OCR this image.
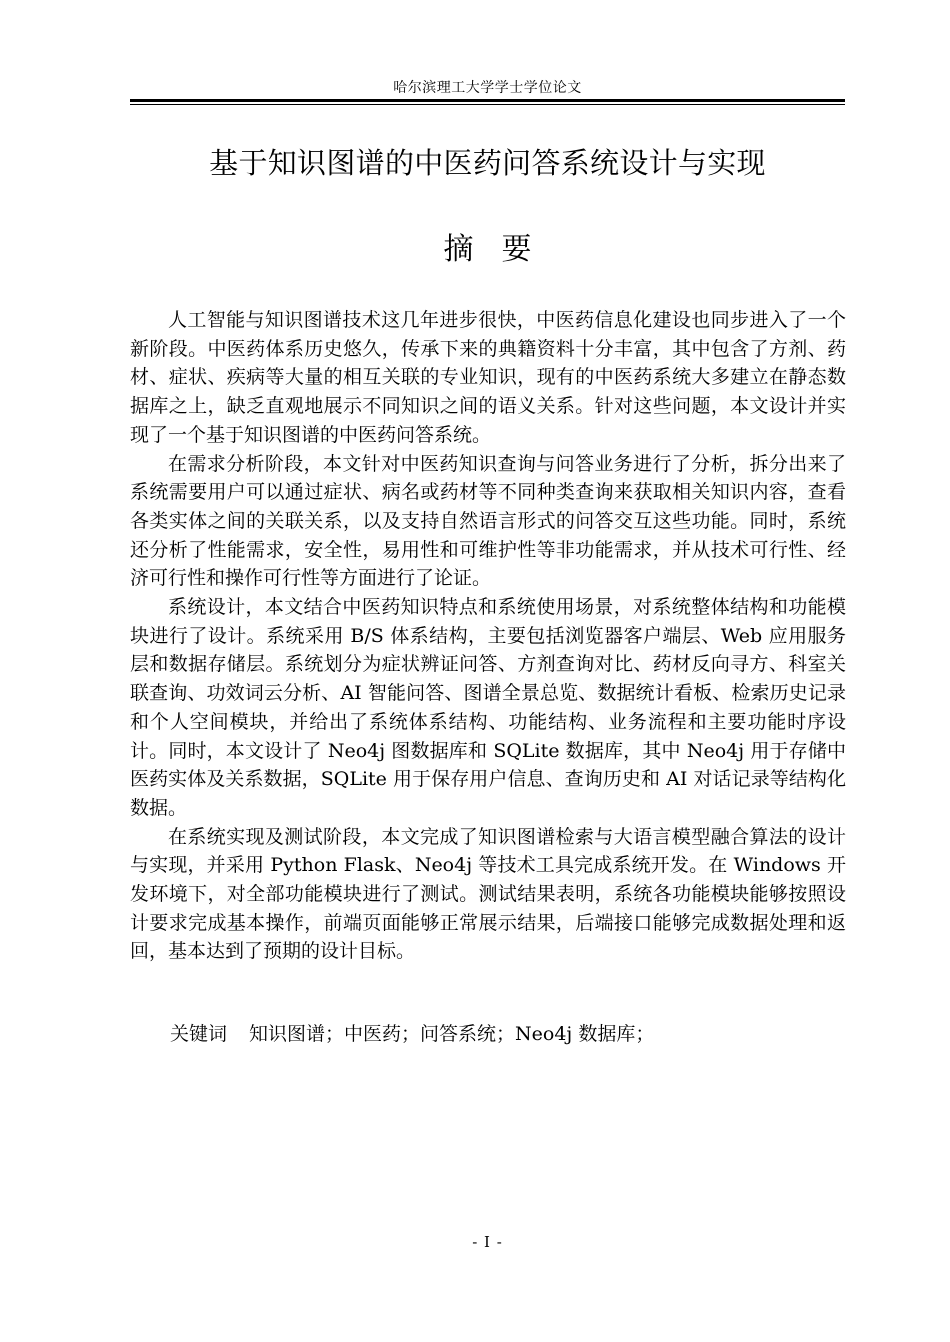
哈尔滨理工大学学士学位论文
基于知识图谱的中医药问答系统设计与实现
摘要

人工智能与知识图谱技术这几年进步很快，中医药信息化建设也同步进入了一个新阶段。中医药体系历史悠久，传承下来的典籍资料十分丰富，其中包含了方剂、药材、症状、疾病等大量的相互关联的专业知识，现有的中医药系统大多建立在静态数据库之上，缺乏直观地展示不同知识之间的语义关系。针对这些问题，本文设计并实现了一个基于知识图谱的中医药问答系统。

在需求分析阶段，本文针对中医药知识查询与问答业务进行了分析，拆分出来了系统需要用户可以通过症状、病名或药材等不同种类查询来获取相关知识内容，查看各类实体之间的关联关系，以及支持自然语言形式的问答交互这些功能。同时，系统还分析了性能需求，安全性，易用性和可维护性等非功能需求，并从技术可行性、经济可行性和操作可行性等方面进行了论证。

系统设计，本文结合中医药知识特点和系统使用场景，对系统整体结构和功能模块进行了设计。系统采用 B/S 体系结构，主要包括浏览器客户端层、Web 应用服务层和数据存储层。系统划分为症状辨证问答、方剂查询对比、药材反向寻方、科室关联查询、功效词云分析、AI 智能问答、图谱全景总览、数据统计看板、检索历史记录和个人空间模块，并给出了系统体系结构、功能结构、业务流程和主要功能时序设计。同时，本文设计了 Neo4j 图数据库和 SQLite 数据库，其中 Neo4j 用于存储中医药实体及关系数据，SQLite 用于保存用户信息、查询历史和 AI 对话记录等结构化数据。

在系统实现及测试阶段，本文完成了知识图谱检索与大语言模型融合算法的设计与实现，并采用 Python Flask、Neo4j 等技术工具完成系统开发。在 Windows 开发环境下，对全部功能模块进行了测试。测试结果表明，系统各功能模块能够按照设计要求完成基本操作，前端页面能够正常展示结果，后端接口能够完成数据处理和返回，基本达到了预期的设计目标。

关键词 知识图谱；中医药；问答系统；Neo4j 数据库；
- I -
